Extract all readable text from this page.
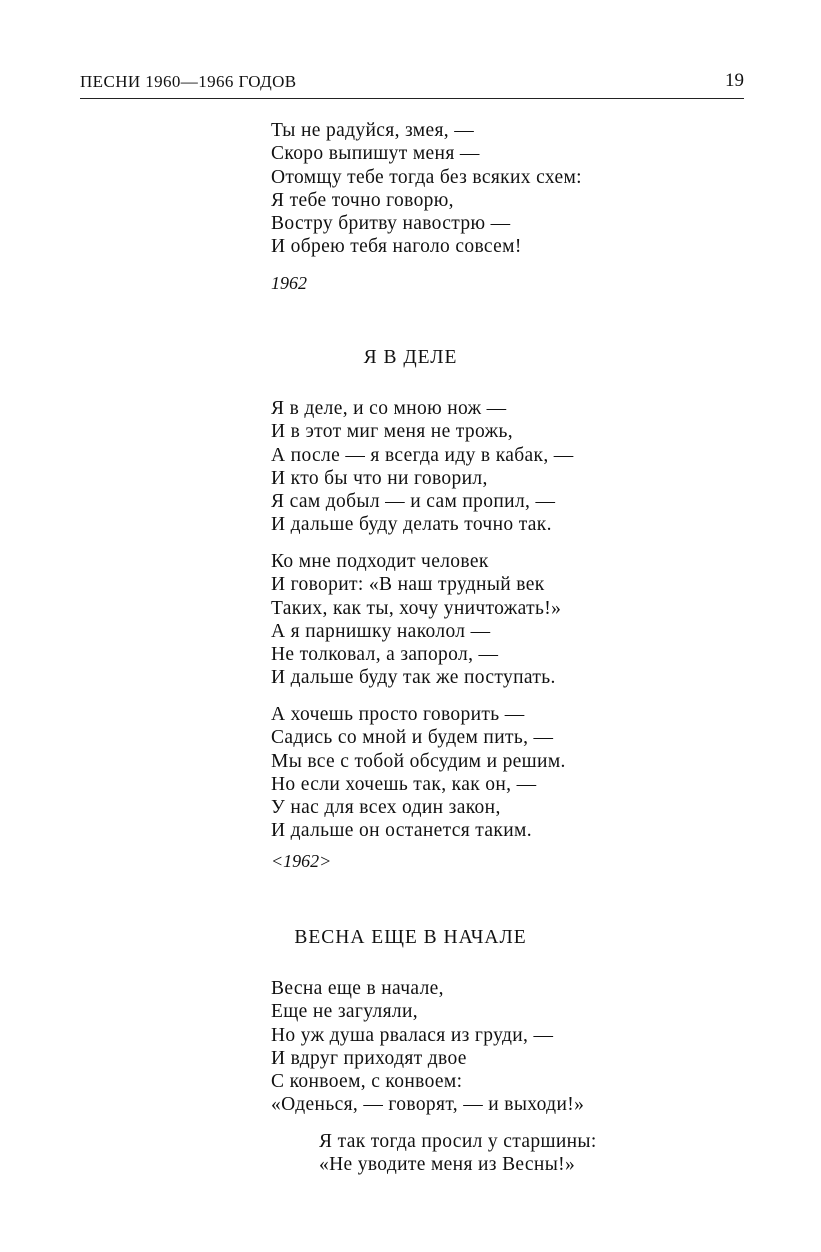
ПЕСНИ 1960—1966 ГОДОВ	19
Ты не радуйся, змея, —
Скоро выпишут меня —
Отомщу тебе тогда без всяких схем:
Я тебе точно говорю,
Востру бритву навострю —
И обрею тебя наголо совсем!
1962
Я В ДЕЛЕ
Я в деле, и со мною нож —
И в этот миг меня не трожь,
А после — я всегда иду в кабак, —
И кто бы что ни говорил,
Я сам добыл — и сам пропил, —
И дальше буду делать точно так.
Ко мне подходит человек
И говорит: «В наш трудный век
Таких, как ты, хочу уничтожать!»
А я парнишку наколол —
Не толковал, а запорол, —
И дальше буду так же поступать.
А хочешь просто говорить —
Садись со мной и будем пить, —
Мы все с тобой обсудим и решим.
Но если хочешь так, как он, —
У нас для всех один закон,
И дальше он останется таким.
<1962>
ВЕСНА ЕЩЕ В НАЧАЛЕ
Весна еще в начале,
Еще не загуляли,
Но уж душа рвалася из груди, —
И вдруг приходят двое
С конвоем, с конвоем:
«Оденься, — говорят, — и выходи!»
Я так тогда просил у старшины:
«Не уводите меня из Весны!»
